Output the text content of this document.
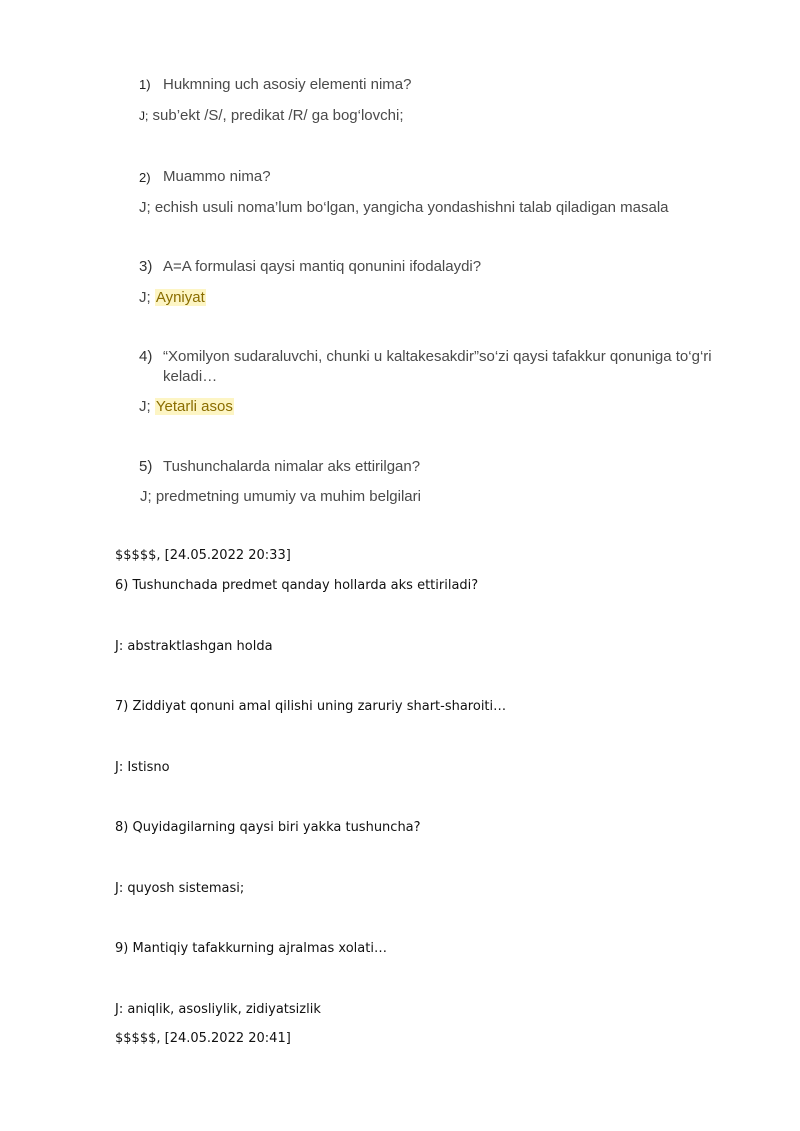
1) Hukmning uch asosiy elementi nima?
J; sub’ekt /S/, predikat /R/ ga bog‘lovchi;
2) Muammo nima?
J; echish usuli noma’lum bo‘lgan, yangicha yondashishni talab qiladigan masala
3) A=A formulasi qaysi mantiq qonunini ifodalaydi?
J; Ayniyat
4) “Xomilyon sudaraluvchi, chunki u kaltakesakdir”so‘zi qaysi tafakkur qonuniga to‘g‘ri
keladi…
J; Yetarli asos
5) Tushunchalarda nimalar aks ettirilgan?
J; predmetning umumiy va muhim belgilari
$$$$$, [24.05.2022 20:33]
6) Tushunchada predmet qanday hollarda aks ettiriladi?
J: abstraktlashgan holda
7) Ziddiyat qonuni amal qilishi uning zaruriy shart-sharoiti…
J: Istisno
8) Quyidagilarning qaysi biri yakka tushuncha?
J: quyosh sistemasi;
9) Mantiqiy tafakkurning ajralmas xolati…
J: aniqlik, asosliylik, zidiyatsizlik
$$$$$, [24.05.2022 20:41]
